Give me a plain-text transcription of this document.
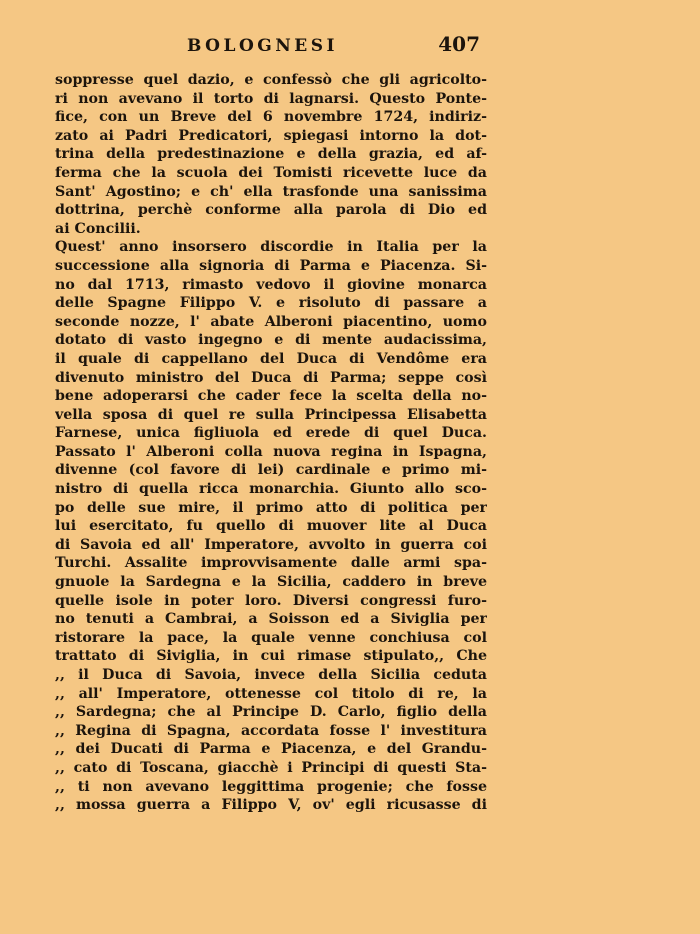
BOLOGNESI	407
soppresse quel dazio, e confessò che gli agricolto-
ri non avevano il torto di lagnarsi. Questo Ponte-
fice, con un Breve del 6 novembre 1724, indiriz-
zato ai Padri Predicatori, spiegasi intorno la dot-
trina della predestinazione e della grazia, ed af-
ferma che la scuola dei Tomisti ricevette luce da
Sant' Agostino; e ch' ella trasfonde una sanissima
dottrina, perchè conforme alla parola di Dio ed
ai Concilii.
Quest' anno insorsero discordie in Italia per la
successione alla signoria di Parma e Piacenza. Si-
no dal 1713, rimasto vedovo il giovine monarca
delle Spagne Filippo V. e risoluto di passare a
seconde nozze, l' abate Alberoni piacentino, uomo
dotato di vasto ingegno e di mente audacissima,
il quale di cappellano del Duca di Vendôme era
divenuto ministro del Duca di Parma; seppe così
bene adoperarsi che cader fece la scelta della no-
vella sposa di quel re sulla Principessa Elisabetta
Farnese, unica figliuola ed erede di quel Duca.
Passato l' Alberoni colla nuova regina in Ispagna,
divenne (col favore di lei) cardinale e primo mi-
nistro di quella ricca monarchia. Giunto allo sco-
po delle sue mire, il primo atto di politica per
lui esercitato, fu quello di muover lite al Duca
di Savoia ed all' Imperatore, avvolto in guerra coi
Turchi. Assalite improvvisamente dalle armi spa-
gnuole la Sardegna e la Sicilia, caddero in breve
quelle isole in poter loro. Diversi congressi furo-
no tenuti a Cambrai, a Soisson ed a Siviglia per
ristorare la pace, la quale venne conchiusa col
trattato di Siviglia, in cui rimase stipulato,, Che
,, il Duca di Savoia, invece della Sicilia ceduta
,, all' Imperatore, ottenesse col titolo di re, la
,, Sardegna; che al Principe D. Carlo, figlio della
,, Regina di Spagna, accordata fosse l' investitura
,, dei Ducati di Parma e Piacenza, e del Grandu-
,, cato di Toscana, giacchè i Principi di questi Sta-
,, ti non avevano leggittima progenie; che fosse
,, mossa guerra a Filippo V, ov' egli ricusasse di
